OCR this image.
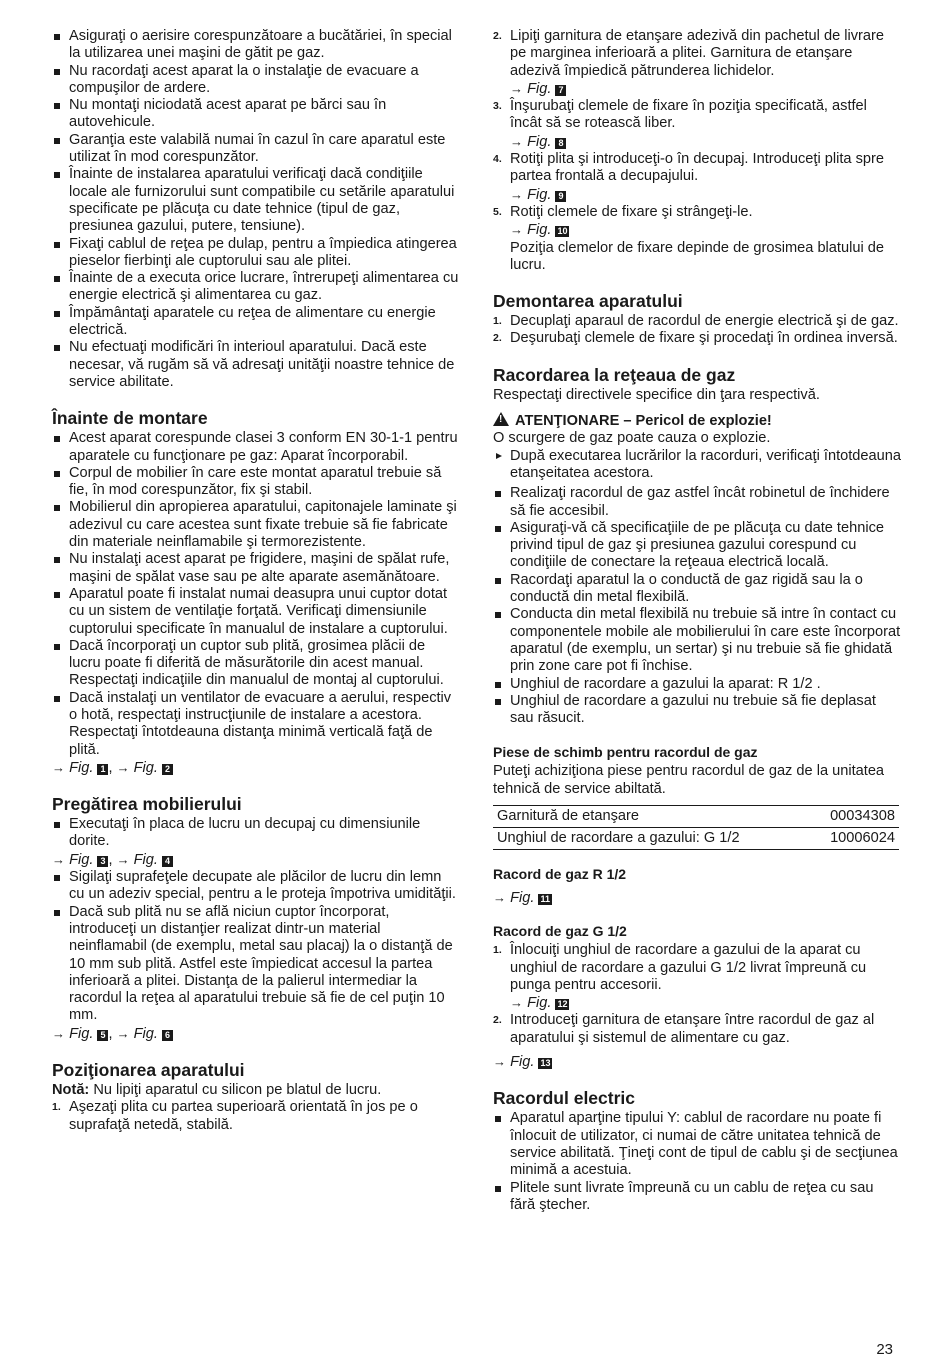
Asiguraţi o aerisire corespunzătoare a bucătăriei, în special la utilizarea unei maşini de gătit pe gaz.
Nu racordaţi acest aparat la o instalaţie de evacuare a compuşilor de ardere.
Nu montaţi niciodată acest aparat pe bărci sau în autovehicule.
Garanţia este valabilă numai în cazul în care aparatul este utilizat în mod corespunzător.
Înainte de instalarea aparatului verificaţi dacă condiţiile locale ale furnizorului sunt compatibile cu setările aparatului specificate pe plăcuţa cu date tehnice (tipul de gaz, presiunea gazului, putere, tensiune).
Fixaţi cablul de reţea pe dulap, pentru a împiedica atingerea pieselor fierbinţi ale cuptorului sau ale plitei.
Înainte de a executa orice lucrare, întrerupeţi alimentarea cu energie electrică şi alimentarea cu gaz.
Împământaţi aparatele cu reţea de alimentare cu energie electrică.
Nu efectuaţi modificări în interioul aparatului. Dacă este necesar, vă rugăm să vă adresaţi unităţii noastre tehnice de service abilitate.
Înainte de montare
Acest aparat corespunde clasei 3 conform EN 30-1-1 pentru aparatele cu funcţionare pe gaz: Aparat încorporabil.
Corpul de mobilier în care este montat aparatul trebuie să fie, în mod corespunzător, fix şi stabil.
Mobilierul din apropierea aparatului, capitonajele laminate şi adezivul cu care acestea sunt fixate trebuie să fie fabricate din materiale neinflamabile şi termorezistente.
Nu instalaţi acest aparat pe frigidere, maşini de spălat rufe, maşini de spălat vase sau pe alte aparate asemănătoare.
Aparatul poate fi instalat numai deasupra unui cuptor dotat cu un sistem de ventilaţie forţată. Verificaţi dimensiunile cuptorului specificate în manualul de instalare a cuptorului.
Dacă încorporaţi un cuptor sub plită, grosimea plăcii de lucru poate fi diferită de măsurătorile din acest manual. Respectaţi indicaţiile din manualul de montaj al cuptorului.
Dacă instalaţi un ventilator de evacuare a aerului, respectiv o hotă, respectaţi instrucţiunile de instalare a acestora. Respectaţi întotdeauna distanţa minimă verticală faţă de plită.
→ Fig. 1 , → Fig. 2
Pregătirea mobilierului
Executaţi în placa de lucru un decupaj cu dimensiunile dorite.
→ Fig. 3 , → Fig. 4
Sigilaţi suprafeţele decupate ale plăcilor de lucru din lemn cu un adeziv special, pentru a le proteja împotriva umidităţii.
Dacă sub plită nu se află niciun cuptor încorporat, introduceţi un distanţier realizat dintr-un material neinflamabil (de exemplu, metal sau placaj) la o distanţă de 10 mm sub plită. Astfel este împiedicat accesul la partea inferioară a plitei. Distanţa de la palierul intermediar la racordul la reţea al aparatului trebuie să fie de cel puţin 10 mm.
→ Fig. 5 , → Fig. 6
Poziţionarea aparatului

Notă: Nu lipiţi aparatul cu silicon pe blatul de lucru.

1. Aşezaţi plita cu partea superioară orientată în jos pe o suprafaţă netedă, stabilă.
2. Lipiţi garnitura de etanşare adezivă din pachetul de livrare pe marginea inferioară a plitei. Garnitura de etanşare adezivă împiedică pătrunderea lichidelor.
→ Fig. 7
3. Înşurubaţi clemele de fixare în poziţia specificată, astfel încât să se rotească liber.
→ Fig. 8
4. Rotiţi plita şi introduceţi-o în decupaj. Introduceţi plita spre partea frontală a decupajului.
→ Fig. 9
5. Rotiţi clemele de fixare şi strângeţi-le.
→ Fig. 10
Poziţia clemelor de fixare depinde de grosimea blatului de lucru.
Demontarea aparatului
1. Decuplaţi aparaul de racordul de energie electrică şi de gaz.
2. Deşurubaţi clemele de fixare şi procedaţi în ordinea inversă.
Racordarea la reţeaua de gaz

Respectaţi directivele specifice din ţara respectivă.

!ATENŢIONARE – Pericol de explozie!

O scurgere de gaz poate cauza o explozie.

După executarea lucrărilor la racorduri, verificaţi întotdeauna etanşeitatea acestora.
Realizaţi racordul de gaz astfel încât robinetul de închidere să fie accesibil.
Asiguraţi-vă că specificaţiile de pe plăcuţa cu date tehnice privind tipul de gaz şi presiunea gazului corespund cu condiţiile de conectare la reţeaua electrică locală.
Racordaţi aparatul la o conductă de gaz rigidă sau la o conductă din metal flexibilă.
Conducta din metal flexibilă nu trebuie să intre în contact cu componentele mobile ale mobilierului în care este încorporat aparatul (de exemplu, un sertar) şi nu trebuie să fie ghidată prin zone care pot fi închise.
Unghiul de racordare a gazului la aparat: R 1/2 .
Unghiul de racordare a gazului nu trebuie să fie deplasat sau răsucit.
Piese de schimb pentru racordul de gaz

Puteţi achiziţiona piese pentru racordul de gaz de la unitatea tehnică de service abiltată.

Garnitură de etanşare	00034308
Unghiul de racordare a gazului: G 1/2	10006024
Racord de gaz R 1/2
→ Fig. 11
Racord de gaz G 1/2
1. Înlocuiţi unghiul de racordare a gazului de la aparat cu unghiul de racordare a gazului G 1/2 livrat împreună cu punga pentru accesorii.
→ Fig. 12
2. Introduceţi garnitura de etanşare între racordul de gaz al aparatului şi sistemul de alimentare cu gaz.
→ Fig. 13
Racordul electric
Aparatul aparţine tipului Y: cablul de racordare nu poate fi înlocuit de utilizator, ci numai de către unitatea tehnică de service abilitată. Ţineţi cont de tipul de cablu şi de secţiunea minimă a acestuia.
Plitele sunt livrate împreună cu un cablu de reţea cu sau fără ştecher.
23
